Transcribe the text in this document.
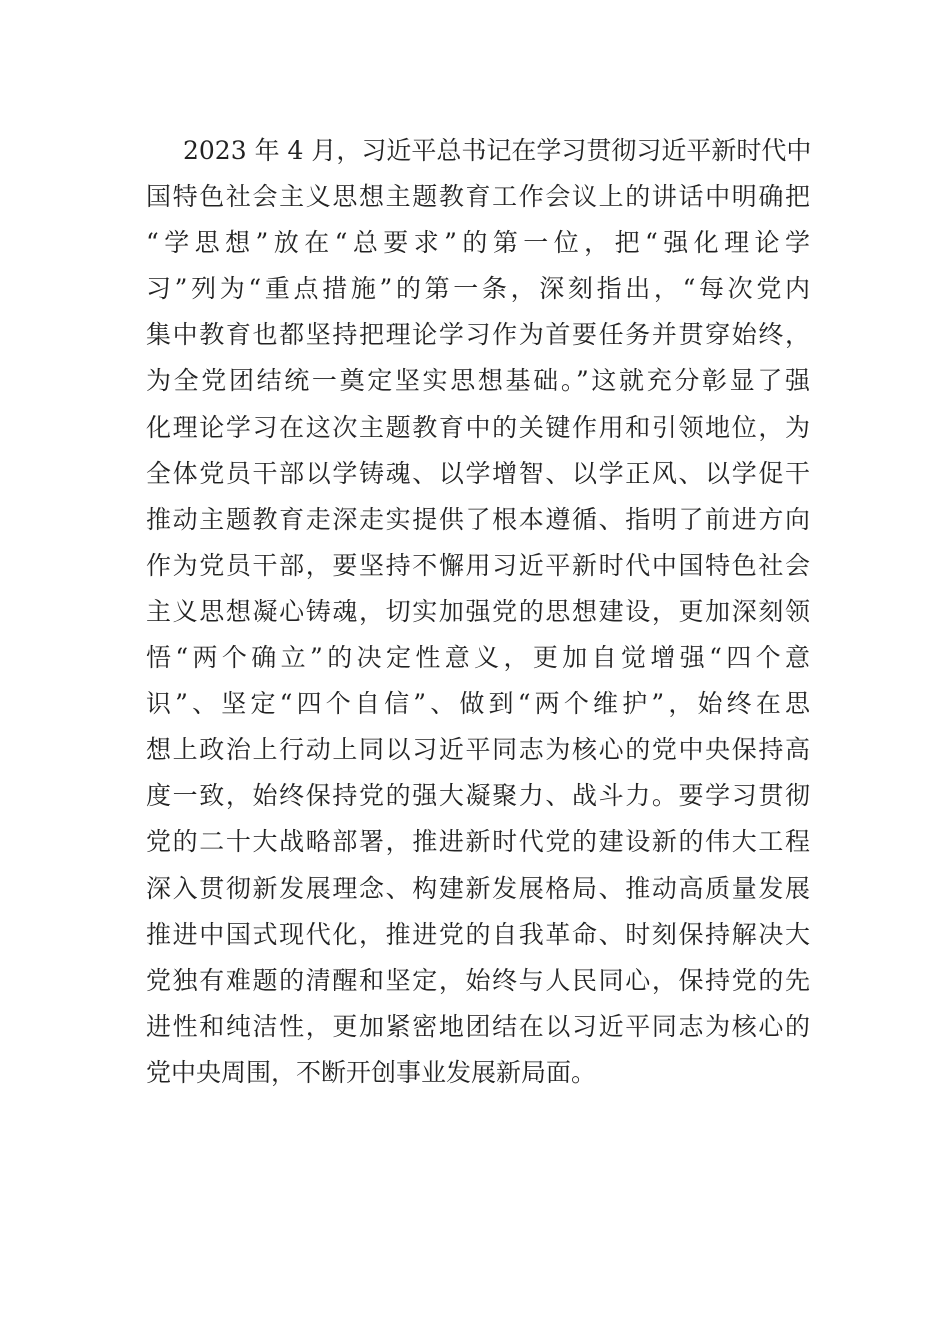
2023 年 4 月，习近平总书记在学习贯彻习近平新时代中
国特色社会主义思想主题教育工作会议上的讲话中明确把
“学思想”放在“总要求”的第一位，把“强化理论学
习”列为“重点措施”的第一条，深刻指出，“每次党内
集中教育也都坚持把理论学习作为首要任务并贯穿始终，
为全党团结统一奠定坚实思想基础。”这就充分彰显了强
化理论学习在这次主题教育中的关键作用和引领地位，为
全体党员干部以学铸魂、以学增智、以学正风、以学促干
推动主题教育走深走实提供了根本遵循、指明了前进方向
作为党员干部，要坚持不懈用习近平新时代中国特色社会
主义思想凝心铸魂，切实加强党的思想建设，更加深刻领
悟“两个确立”的决定性意义，更加自觉增强“四个意
识”、坚定“四个自信”、做到“两个维护”，始终在思
想上政治上行动上同以习近平同志为核心的党中央保持高
度一致，始终保持党的强大凝聚力、战斗力。要学习贯彻
党的二十大战略部署，推进新时代党的建设新的伟大工程
深入贯彻新发展理念、构建新发展格局、推动高质量发展
推进中国式现代化，推进党的自我革命、时刻保持解决大
党独有难题的清醒和坚定，始终与人民同心，保持党的先
进性和纯洁性，更加紧密地团结在以习近平同志为核心的
党中央周围，不断开创事业发展新局面。
